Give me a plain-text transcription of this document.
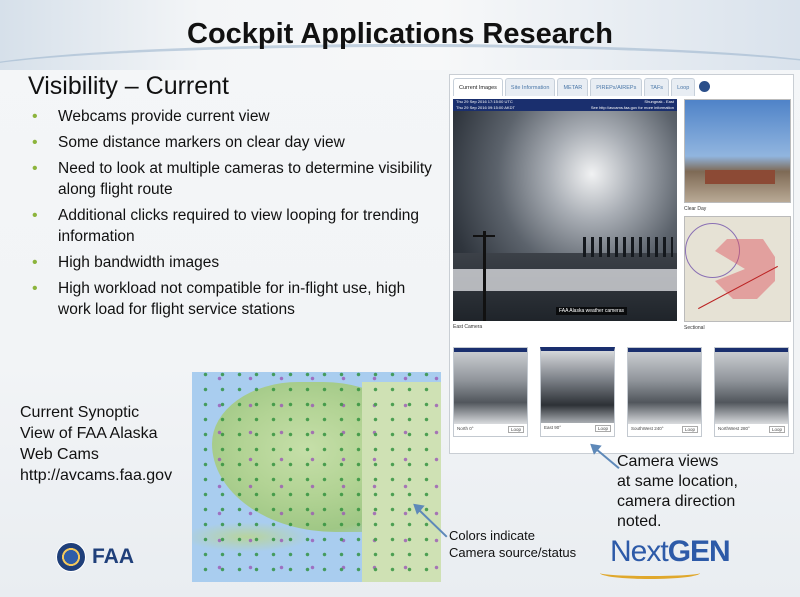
Cockpit Applications Research
Visibility – Current
• Webcams provide current view
• Some distance markers on clear day view
• Need to look at multiple cameras to determine visibility along flight route
• Additional clicks required to view looping for trending information
• High bandwidth images
• High workload not compatible for in-flight use, high work load for flight service stations
Current Images	Site Information	METAR	PIREPs/AIREPs	TAFs	Loop
Thu 29 Sep 2016 17:15:00 UTC
Thu 29 Sep 2016 09:15:00 AKDT
Shungnak - East
See http://avcams.faa.gov for more information
FAA Alaska weather cameras
East Camera
Clear Day
Sectional
North 0°	Loop	East 90°	Loop	SouthWest 240°	Loop	NorthWest 280°	Loop
Current Synoptic
View of FAA Alaska
Web Cams
http://avcams.faa.gov
Colors indicate
Camera source/status
Camera views
at same location,
camera direction
noted.
FAA	NextGEN
